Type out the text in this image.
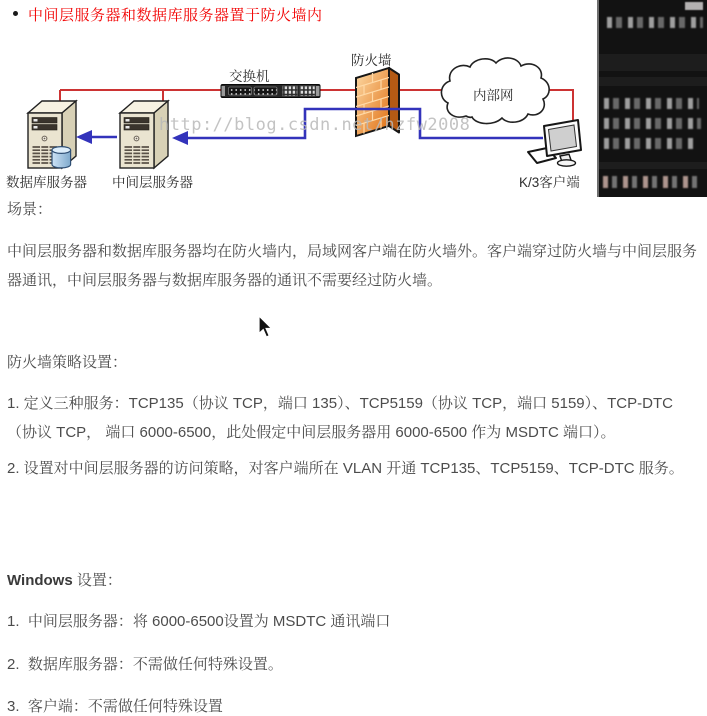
中间层服务器和数据库服务器置于防火墙内
交换机
防火墙
内部网
数据库服务器 中间层服务器	K/3客户端
http://blog.csdn.net/hzfw2008
场景：
中间层服务器和数据库服务器均在防火墙内，局域网客户端在防火墙外。客户端穿过防火墙与中间层服务器通讯，中间层服务器与数据库服务器的通讯不需要经过防火墙。
防火墙策略设置：
1. 定义三种服务：TCP135（协议 TCP，端口 135）、TCP5159（协议 TCP，端口 5159）、TCP-DTC（协议 TCP， 端口 6000-6500，此处假定中间层服务器用 6000-6500 作为 MSDTC 端口）。
2. 设置对中间层服务器的访问策略，对客户端所在 VLAN 开通 TCP135、TCP5159、TCP-DTC 服务。
Windows 设置：
1.  中间层服务器：将 6000-6500设置为 MSDTC 通讯端口
2.  数据库服务器：不需做任何特殊设置。
3.  客户端：不需做任何特殊设置
